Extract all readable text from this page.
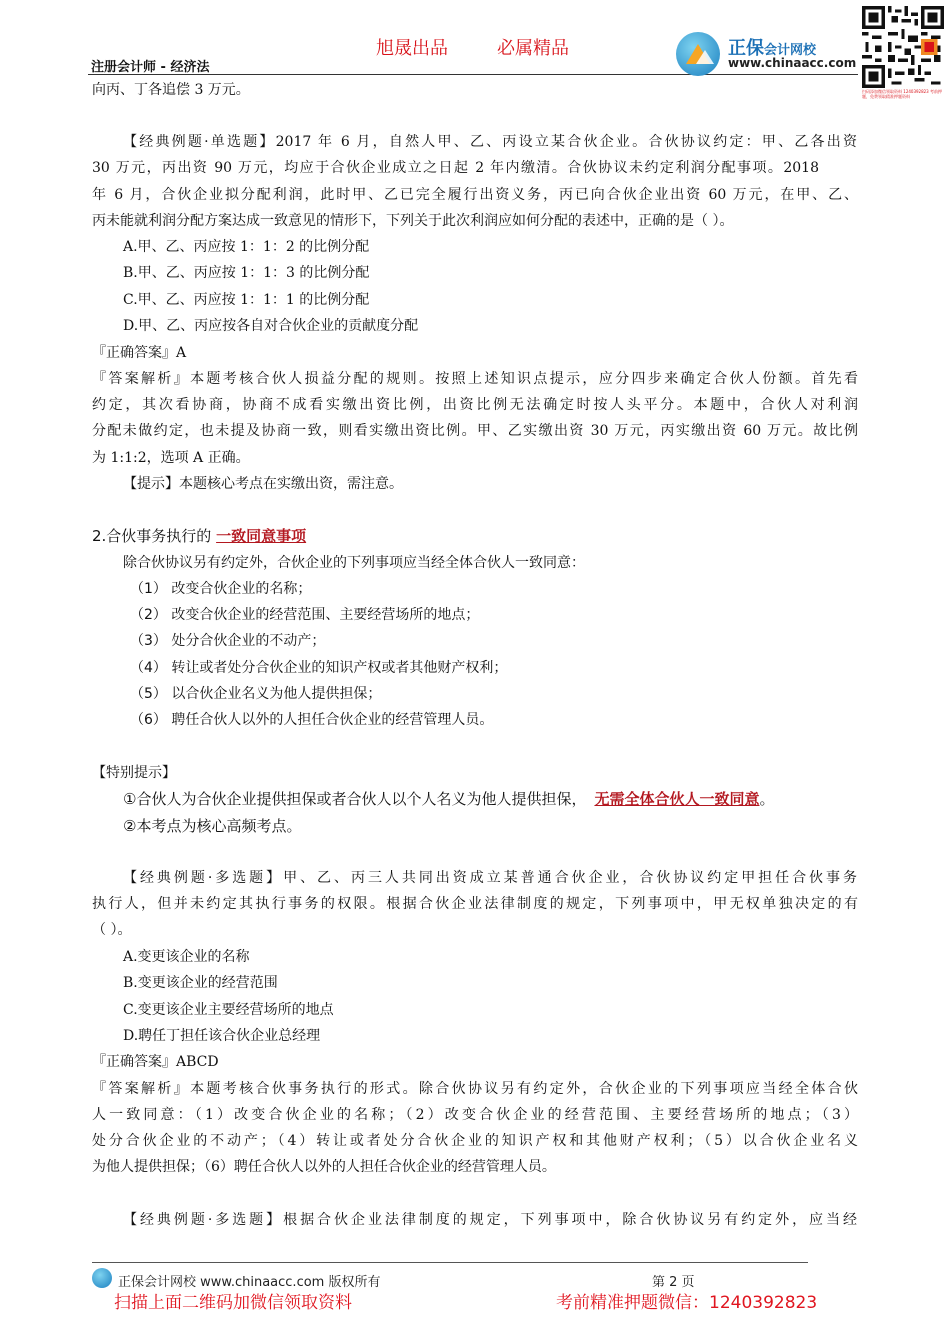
旭晟出品	必属精品
注册会计师 - 经济法
正保会计网校
www.chinaacc.com
扫码添加微信领取资料 1240392823 考前押题，免费领取精准押题资料
向丙、丁各追偿 3 万元。
【经典例题·单选题】2017 年 6 月，自然人甲、乙、丙设立某合伙企业。合伙协议约定：甲、乙各出资
30 万元，丙出资 90 万元，均应于合伙企业成立之日起 2 年内缴清。合伙协议未约定利润分配事项。2018
年 6 月，合伙企业拟分配利润，此时甲、乙已完全履行出资义务，丙已向合伙企业出资 60 万元，在甲、乙、
丙未能就利润分配方案达成一致意见的情形下，下列关于此次利润应如何分配的表述中，正确的是（ ）。
A.甲、乙、丙应按 1：1：2 的比例分配
B.甲、乙、丙应按 1：1：3 的比例分配
C.甲、乙、丙应按 1：1：1 的比例分配
D.甲、乙、丙应按各自对合伙企业的贡献度分配
『正确答案』A
『答案解析』本题考核合伙人损益分配的规则。按照上述知识点提示，应分四步来确定合伙人份额。首先看
约定，其次看协商，协商不成看实缴出资比例，出资比例无法确定时按人头平分。本题中，合伙人对利润
分配未做约定，也未提及协商一致，则看实缴出资比例。甲、乙实缴出资 30 万元，丙实缴出资 60 万元。故比例
为 1:1:2，选项 A 正确。
【提示】本题核心考点在实缴出资，需注意。
2.合伙事务执行的 一致同意事项
除合伙协议另有约定外，合伙企业的下列事项应当经全体合伙人一致同意：
（1） 改变合伙企业的名称；
（2） 改变合伙企业的经营范围、主要经营场所的地点；
（3） 处分合伙企业的不动产；
（4） 转让或者处分合伙企业的知识产权或者其他财产权利；
（5） 以合伙企业名义为他人提供担保；
（6） 聘任合伙人以外的人担任合伙企业的经营管理人员。
【特别提示】
①合伙人为合伙企业提供担保或者合伙人以个人名义为他人提供担保， 无需全体合伙人一致同意。
②本考点为核心高频考点。
【经典例题·多选题】甲、乙、丙三人共同出资成立某普通合伙企业，合伙协议约定甲担任合伙事务
执行人，但并未约定其执行事务的权限。根据合伙企业法律制度的规定，下列事项中，甲无权单独决定的有
（ ）。
A.变更该企业的名称
B.变更该企业的经营范围
C.变更该企业主要经营场所的地点
D.聘任丁担任该合伙企业总经理
『正确答案』ABCD
『答案解析』本题考核合伙事务执行的形式。除合伙协议另有约定外，合伙企业的下列事项应当经全体合伙
人一致同意：（1）改变合伙企业的名称；（2）改变合伙企业的经营范围、主要经营场所的地点；（3）
处分合伙企业的不动产；（4）转让或者处分合伙企业的知识产权和其他财产权利；（5）以合伙企业名义
为他人提供担保；（6）聘任合伙人以外的人担任合伙企业的经营管理人员。
【经典例题·多选题】根据合伙企业法律制度的规定，下列事项中，除合伙协议另有约定外，应当经
正保会计网校 www.chinaacc.com 版权所有	第 2 页
扫描上面二维码加微信领取资料	考前精准押题微信：1240392823
